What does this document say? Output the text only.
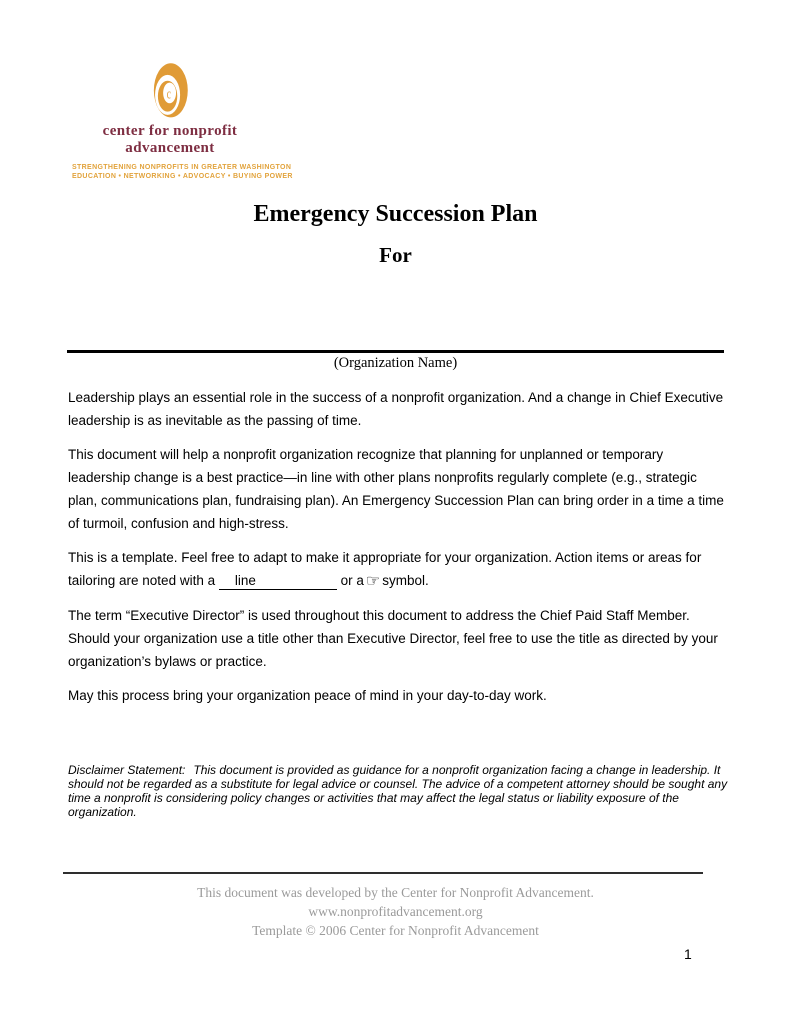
c
center for nonprofit
advancement
STRENGTHENING NONPROFITS IN GREATER WASHINGTON
EDUCATION • NETWORKING • ADVOCACY • BUYING POWER
Emergency Succession Plan
For
(Organization Name)

Leadership plays an essential role in the success of a nonprofit organization. And a change in Chief Executive leadership is as inevitable as the passing of time.

This document will help a nonprofit organization recognize that planning for unplanned or temporary leadership change is a best practice—in line with other plans nonprofits regularly complete (e.g., strategic plan, communications plan, fundraising plan). An Emergency Succession Plan can bring order in a time a time of turmoil, confusion and high-stress.

This is a template. Feel free to adapt to make it appropriate for your organization. Action items or areas for tailoring are noted with a line	or a ☞ symbol.

The term “Executive Director” is used throughout this document to address the Chief Paid Staff Member. Should your organization use a title other than Executive Director, feel free to use the title as directed by your organization’s bylaws or practice.

May this process bring your organization peace of mind in your day-to-day work.

Disclaimer Statement: This document is provided as guidance for a nonprofit organization facing a change in leadership. It should not be regarded as a substitute for legal advice or counsel. The advice of a competent attorney should be sought any time a nonprofit is considering policy changes or activities that may affect the legal status or liability exposure of the organization.
This document was developed by the Center for Nonprofit Advancement.
www.nonprofitadvancement.org
Template © 2006 Center for Nonprofit Advancement
1
